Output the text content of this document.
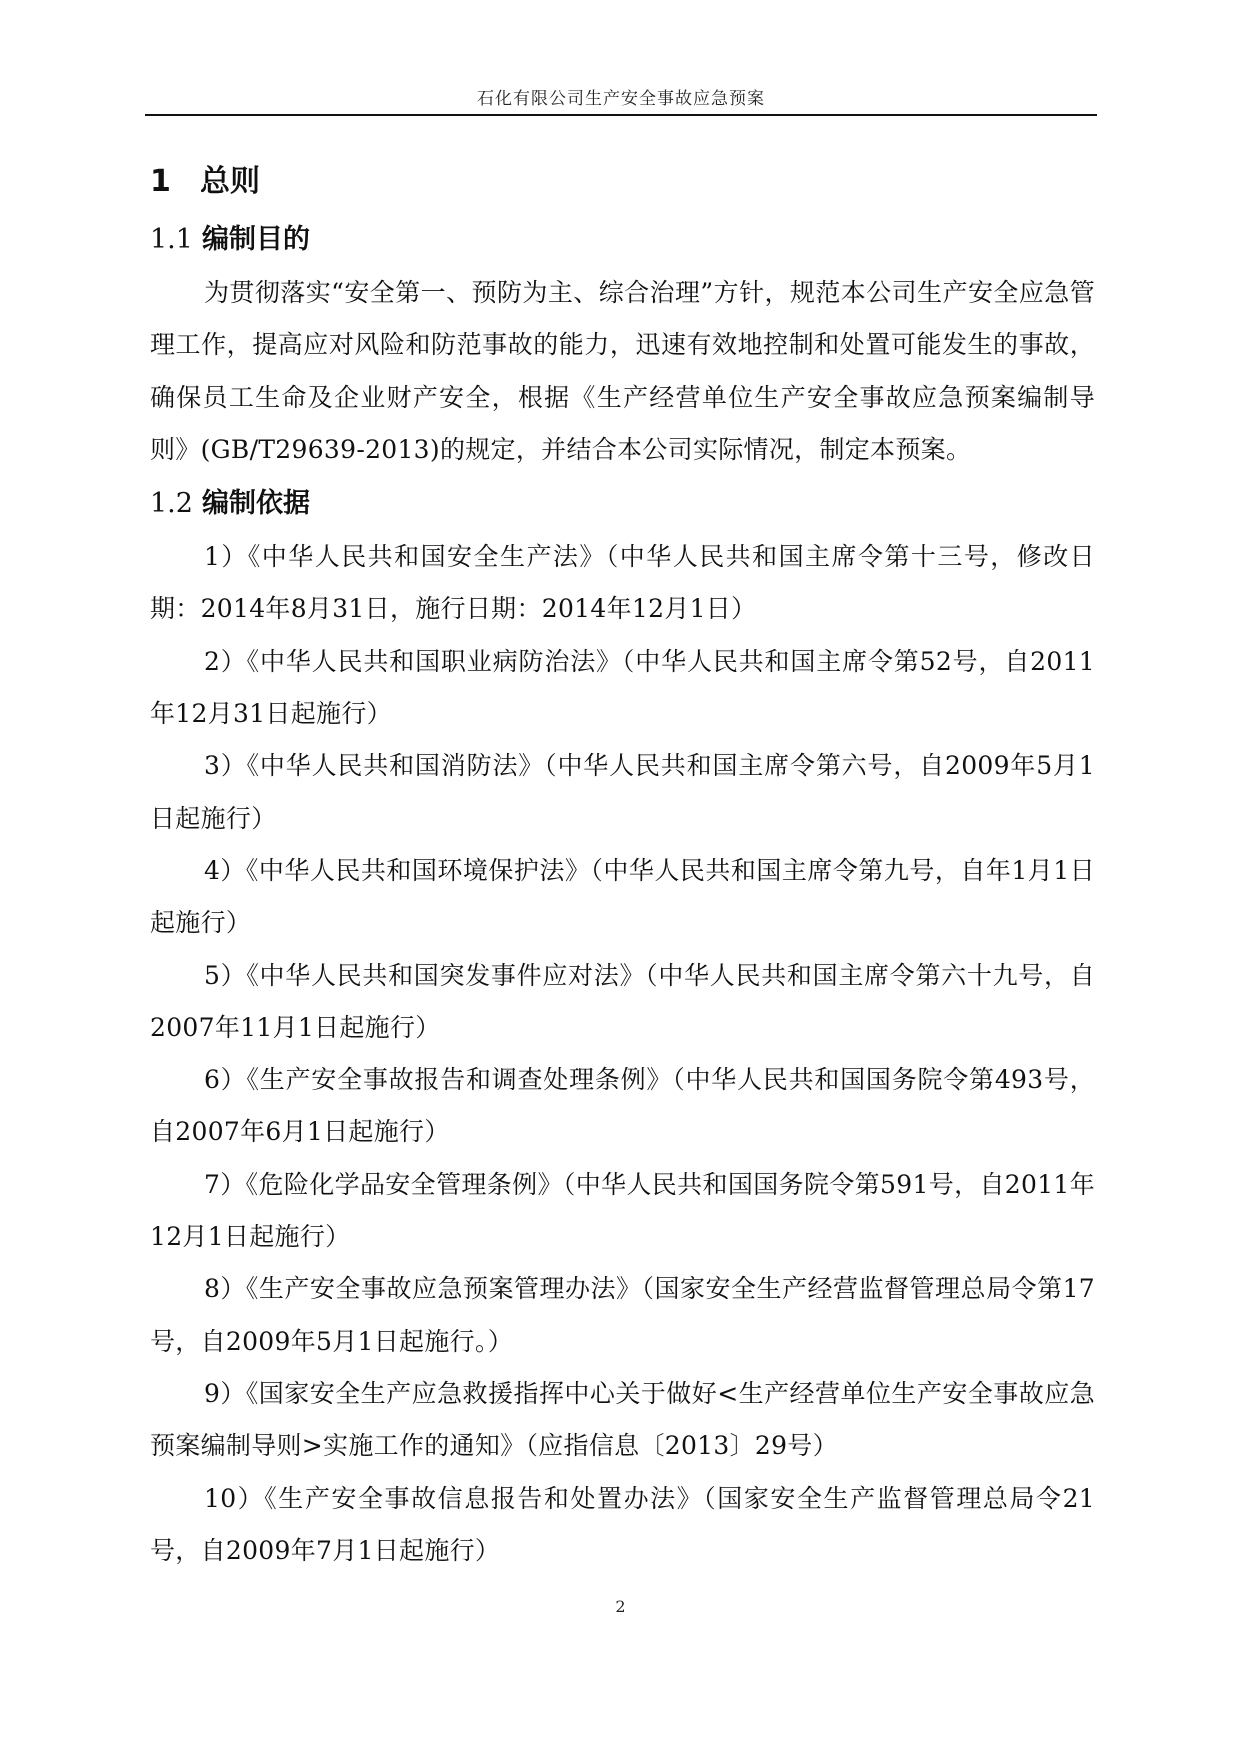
石化有限公司生产安全事故应急预案
1 总则
1.1 编制目的

为贯彻落实“安全第一、预防为主、综合治理”方针，规范本公司生产安全应急管理工作，提高应对风险和防范事故的能力，迅速有效地控制和处置可能发生的事故，确保员工生命及企业财产安全，根据《生产经营单位生产安全事故应急预案编制导则》(GB/T29639-2013)的规定，并结合本公司实际情况，制定本预案。

1.2 编制依据

1）《中华人民共和国安全生产法》（中华人民共和国主席令第十三号，修改日期：2014年8月31日，施行日期：2014年12月1日）

2）《中华人民共和国职业病防治法》（中华人民共和国主席令第52号，自2011年12月31日起施行）

3）《中华人民共和国消防法》（中华人民共和国主席令第六号，自2009年5月1日起施行）

4）《中华人民共和国环境保护法》（中华人民共和国主席令第九号，自年1月1日起施行）

5）《中华人民共和国突发事件应对法》（中华人民共和国主席令第六十九号，自2007年11月1日起施行）

6）《生产安全事故报告和调查处理条例》（中华人民共和国国务院令第493号，自2007年6月1日起施行）

7）《危险化学品安全管理条例》（中华人民共和国国务院令第591号，自2011年12月1日起施行）

8）《生产安全事故应急预案管理办法》（国家安全生产经营监督管理总局令第17号，自2009年5月1日起施行。）

9）《国家安全生产应急救援指挥中心关于做好<生产经营单位生产安全事故应急预案编制导则>实施工作的通知》（应指信息〔2013〕29号）

10）《生产安全事故信息报告和处置办法》（国家安全生产监督管理总局令21号，自2009年7月1日起施行）

2
